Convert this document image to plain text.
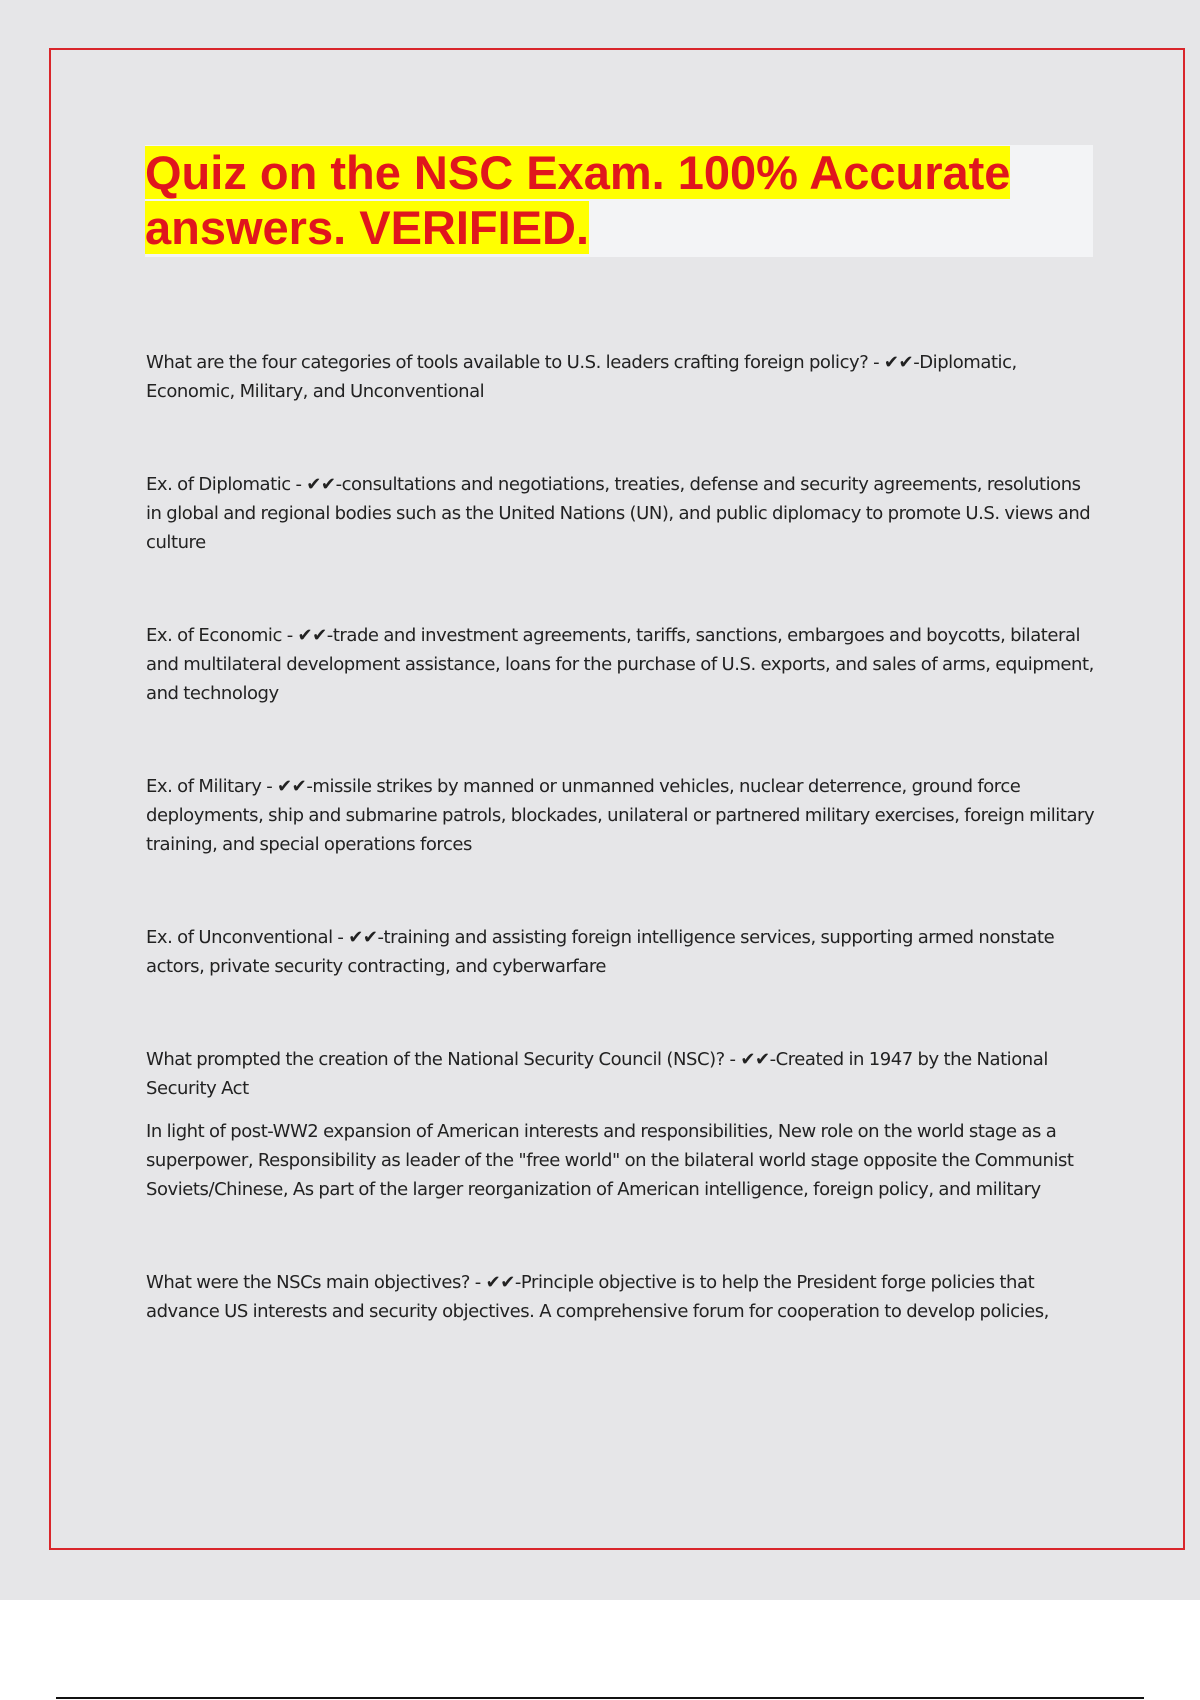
Quiz on the NSC Exam. 100% Accurate answers. VERIFIED.

What are the four categories of tools available to U.S. leaders crafting foreign policy? - ✔✔-Diplomatic, Economic, Military, and Unconventional

Ex. of Diplomatic - ✔✔-consultations and negotiations, treaties, defense and security agreements, resolutions in global and regional bodies such as the United Nations (UN), and public diplomacy to promote U.S. views and culture

Ex. of Economic - ✔✔-trade and investment agreements, tariffs, sanctions, embargoes and boycotts, bilateral and multilateral development assistance, loans for the purchase of U.S. exports, and sales of arms, equipment, and technology

Ex. of Military - ✔✔-missile strikes by manned or unmanned vehicles, nuclear deterrence, ground force deployments, ship and submarine patrols, blockades, unilateral or partnered military exercises, foreign military training, and special operations forces

Ex. of Unconventional - ✔✔-training and assisting foreign intelligence services, supporting armed nonstate actors, private security contracting, and cyberwarfare

What prompted the creation of the National Security Council (NSC)? - ✔✔-Created in 1947 by the National Security Act

In light of post-WW2 expansion of American interests and responsibilities, New role on the world stage as a superpower, Responsibility as leader of the "free world" on the bilateral world stage opposite the Communist Soviets/Chinese, As part of the larger reorganization of American intelligence, foreign policy, and military

What were the NSCs main objectives? - ✔✔-Principle objective is to help the President forge policies that advance US interests and security objectives. A comprehensive forum for cooperation to develop policies,
